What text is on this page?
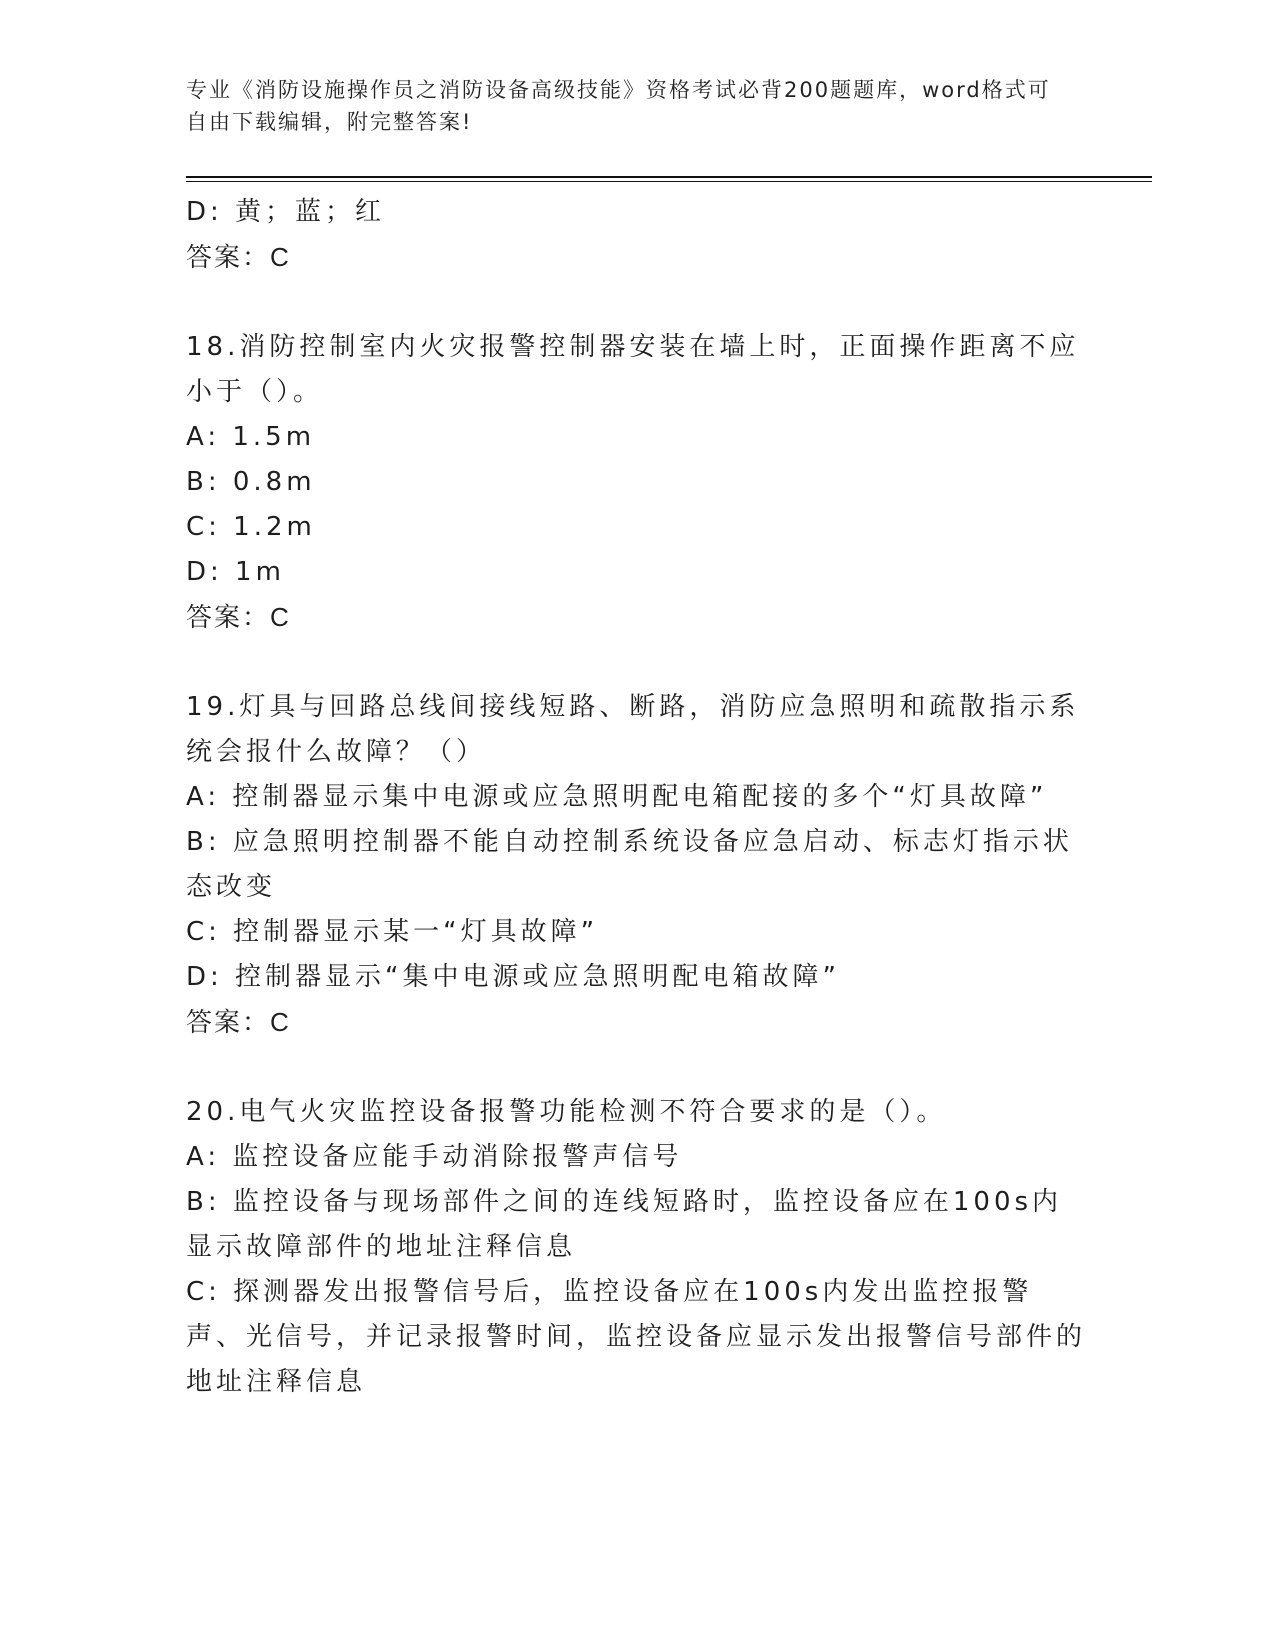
专业《消防设施操作员之消防设备高级技能》资格考试必背200题题库，word格式可自由下载编辑，附完整答案!
D: 黄；蓝；红
答案：C
18.消防控制室内火灾报警控制器安装在墙上时，正面操作距离不应小于（）。
A: 1.5m
B: 0.8m
C: 1.2m
D: 1m
答案：C
19.灯具与回路总线间接线短路、断路，消防应急照明和疏散指示系统会报什么故障？（）
A: 控制器显示集中电源或应急照明配电箱配接的多个“灯具故障”
B: 应急照明控制器不能自动控制系统设备应急启动、标志灯指示状态改变
C: 控制器显示某一“灯具故障”
D: 控制器显示“集中电源或应急照明配电箱故障”
答案：C
20.电气火灾监控设备报警功能检测不符合要求的是（）。
A: 监控设备应能手动消除报警声信号
B: 监控设备与现场部件之间的连线短路时，监控设备应在100s内显示故障部件的地址注释信息
C: 探测器发出报警信号后，监控设备应在100s内发出监控报警声、光信号，并记录报警时间，监控设备应显示发出报警信号部件的地址注释信息
